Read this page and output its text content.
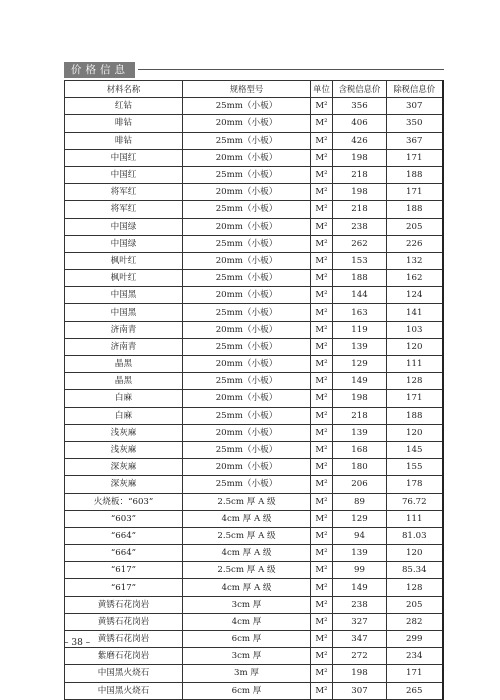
价格信息
材料名称	规格型号	单位	含税信息价	除税信息价
红钻	25mm（小板）	M²	356	307
啡钻	20mm（小板）	M²	406	350
啡钻	25mm（小板）	M²	426	367
中国红	20mm（小板）	M²	198	171
中国红	25mm（小板）	M²	218	188
将军红	20mm（小板）	M²	198	171
将军红	25mm（小板）	M²	218	188
中国绿	20mm（小板）	M²	238	205
中国绿	25mm（小板）	M²	262	226
枫叶红	20mm（小板）	M²	153	132
枫叶红	25mm（小板）	M²	188	162
中国黑	20mm（小板）	M²	144	124
中国黑	25mm（小板）	M²	163	141
济南青	20mm（小板）	M²	119	103
济南青	25mm（小板）	M²	139	120
晶黑	20mm（小板）	M²	129	111
晶黑	25mm（小板）	M²	149	128
白麻	20mm（小板）	M²	198	171
白麻	25mm（小板）	M²	218	188
浅灰麻	20mm（小板）	M²	139	120
浅灰麻	25mm（小板）	M²	168	145
深灰麻	20mm（小板）	M²	180	155
深灰麻	25mm（小板）	M²	206	178
火烧板：“603”	2.5cm 厚 A 级	M²	89	76.72
“603”	4cm 厚 A 级	M²	129	111
“664”	2.5cm 厚 A 级	M²	94	81.03
“664”	4cm 厚 A 级	M²	139	120
“617”	2.5cm 厚 A 级	M²	99	85.34
“617”	4cm 厚 A 级	M²	149	128
黄锈石花岗岩	3cm 厚	M²	238	205
黄锈石花岗岩	4cm 厚	M²	327	282
黄锈石花岗岩	6cm 厚	M²	347	299
紫磨石花岗岩	3cm 厚	M²	272	234
中国黑火烧石	3m 厚	M²	198	171
中国黑火烧石	6cm 厚	M²	307	265
– 38 –
